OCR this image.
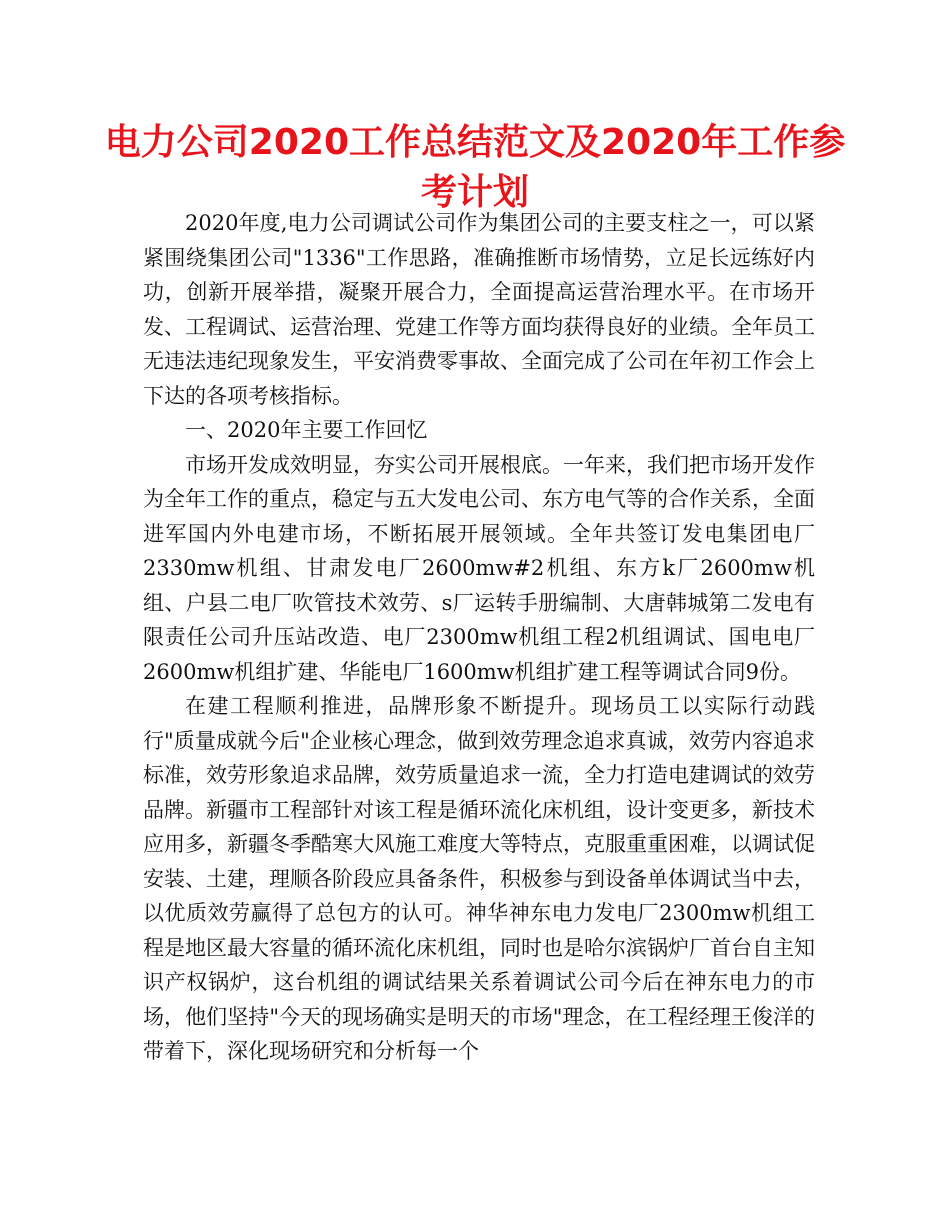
电力公司2020工作总结范文及2020年工作参考计划

2020年度,电力公司调试公司作为集团公司的主要支柱之一，可以紧紧围绕集团公司"1336"工作思路，准确推断市场情势，立足长远练好内功，创新开展举措，凝聚开展合力，全面提高运营治理水平。在市场开发、工程调试、运营治理、党建工作等方面均获得良好的业绩。全年员工无违法违纪现象发生，平安消费零事故、全面完成了公司在年初工作会上下达的各项考核指标。

一、2020年主要工作回忆

市场开发成效明显，夯实公司开展根底。一年来，我们把市场开发作为全年工作的重点，稳定与五大发电公司、东方电气等的合作关系，全面进军国内外电建市场，不断拓展开展领域。全年共签订发电集团电厂2330mw机组、甘肃发电厂2600mw#2机组、东方k厂2600mw机组、户县二电厂吹管技术效劳、s厂运转手册编制、大唐韩城第二发电有限责任公司升压站改造、电厂2300mw机组工程2机组调试、国电电厂2600mw机组扩建、华能电厂1600mw机组扩建工程等调试合同9份。

在建工程顺利推进，品牌形象不断提升。现场员工以实际行动践行"质量成就今后"企业核心理念，做到效劳理念追求真诚，效劳内容追求标准，效劳形象追求品牌，效劳质量追求一流，全力打造电建调试的效劳品牌。新疆市工程部针对该工程是循环流化床机组，设计变更多，新技术应用多，新疆冬季酷寒大风施工难度大等特点，克服重重困难，以调试促安装、土建，理顺各阶段应具备条件，积极参与到设备单体调试当中去，以优质效劳赢得了总包方的认可。神华神东电力发电厂2300mw机组工程是地区最大容量的循环流化床机组，同时也是哈尔滨锅炉厂首台自主知识产权锅炉，这台机组的调试结果关系着调试公司今后在神东电力的市场，他们坚持"今天的现场确实是明天的市场"理念，在工程经理王俊洋的带着下，深化现场研究和分析每一个
